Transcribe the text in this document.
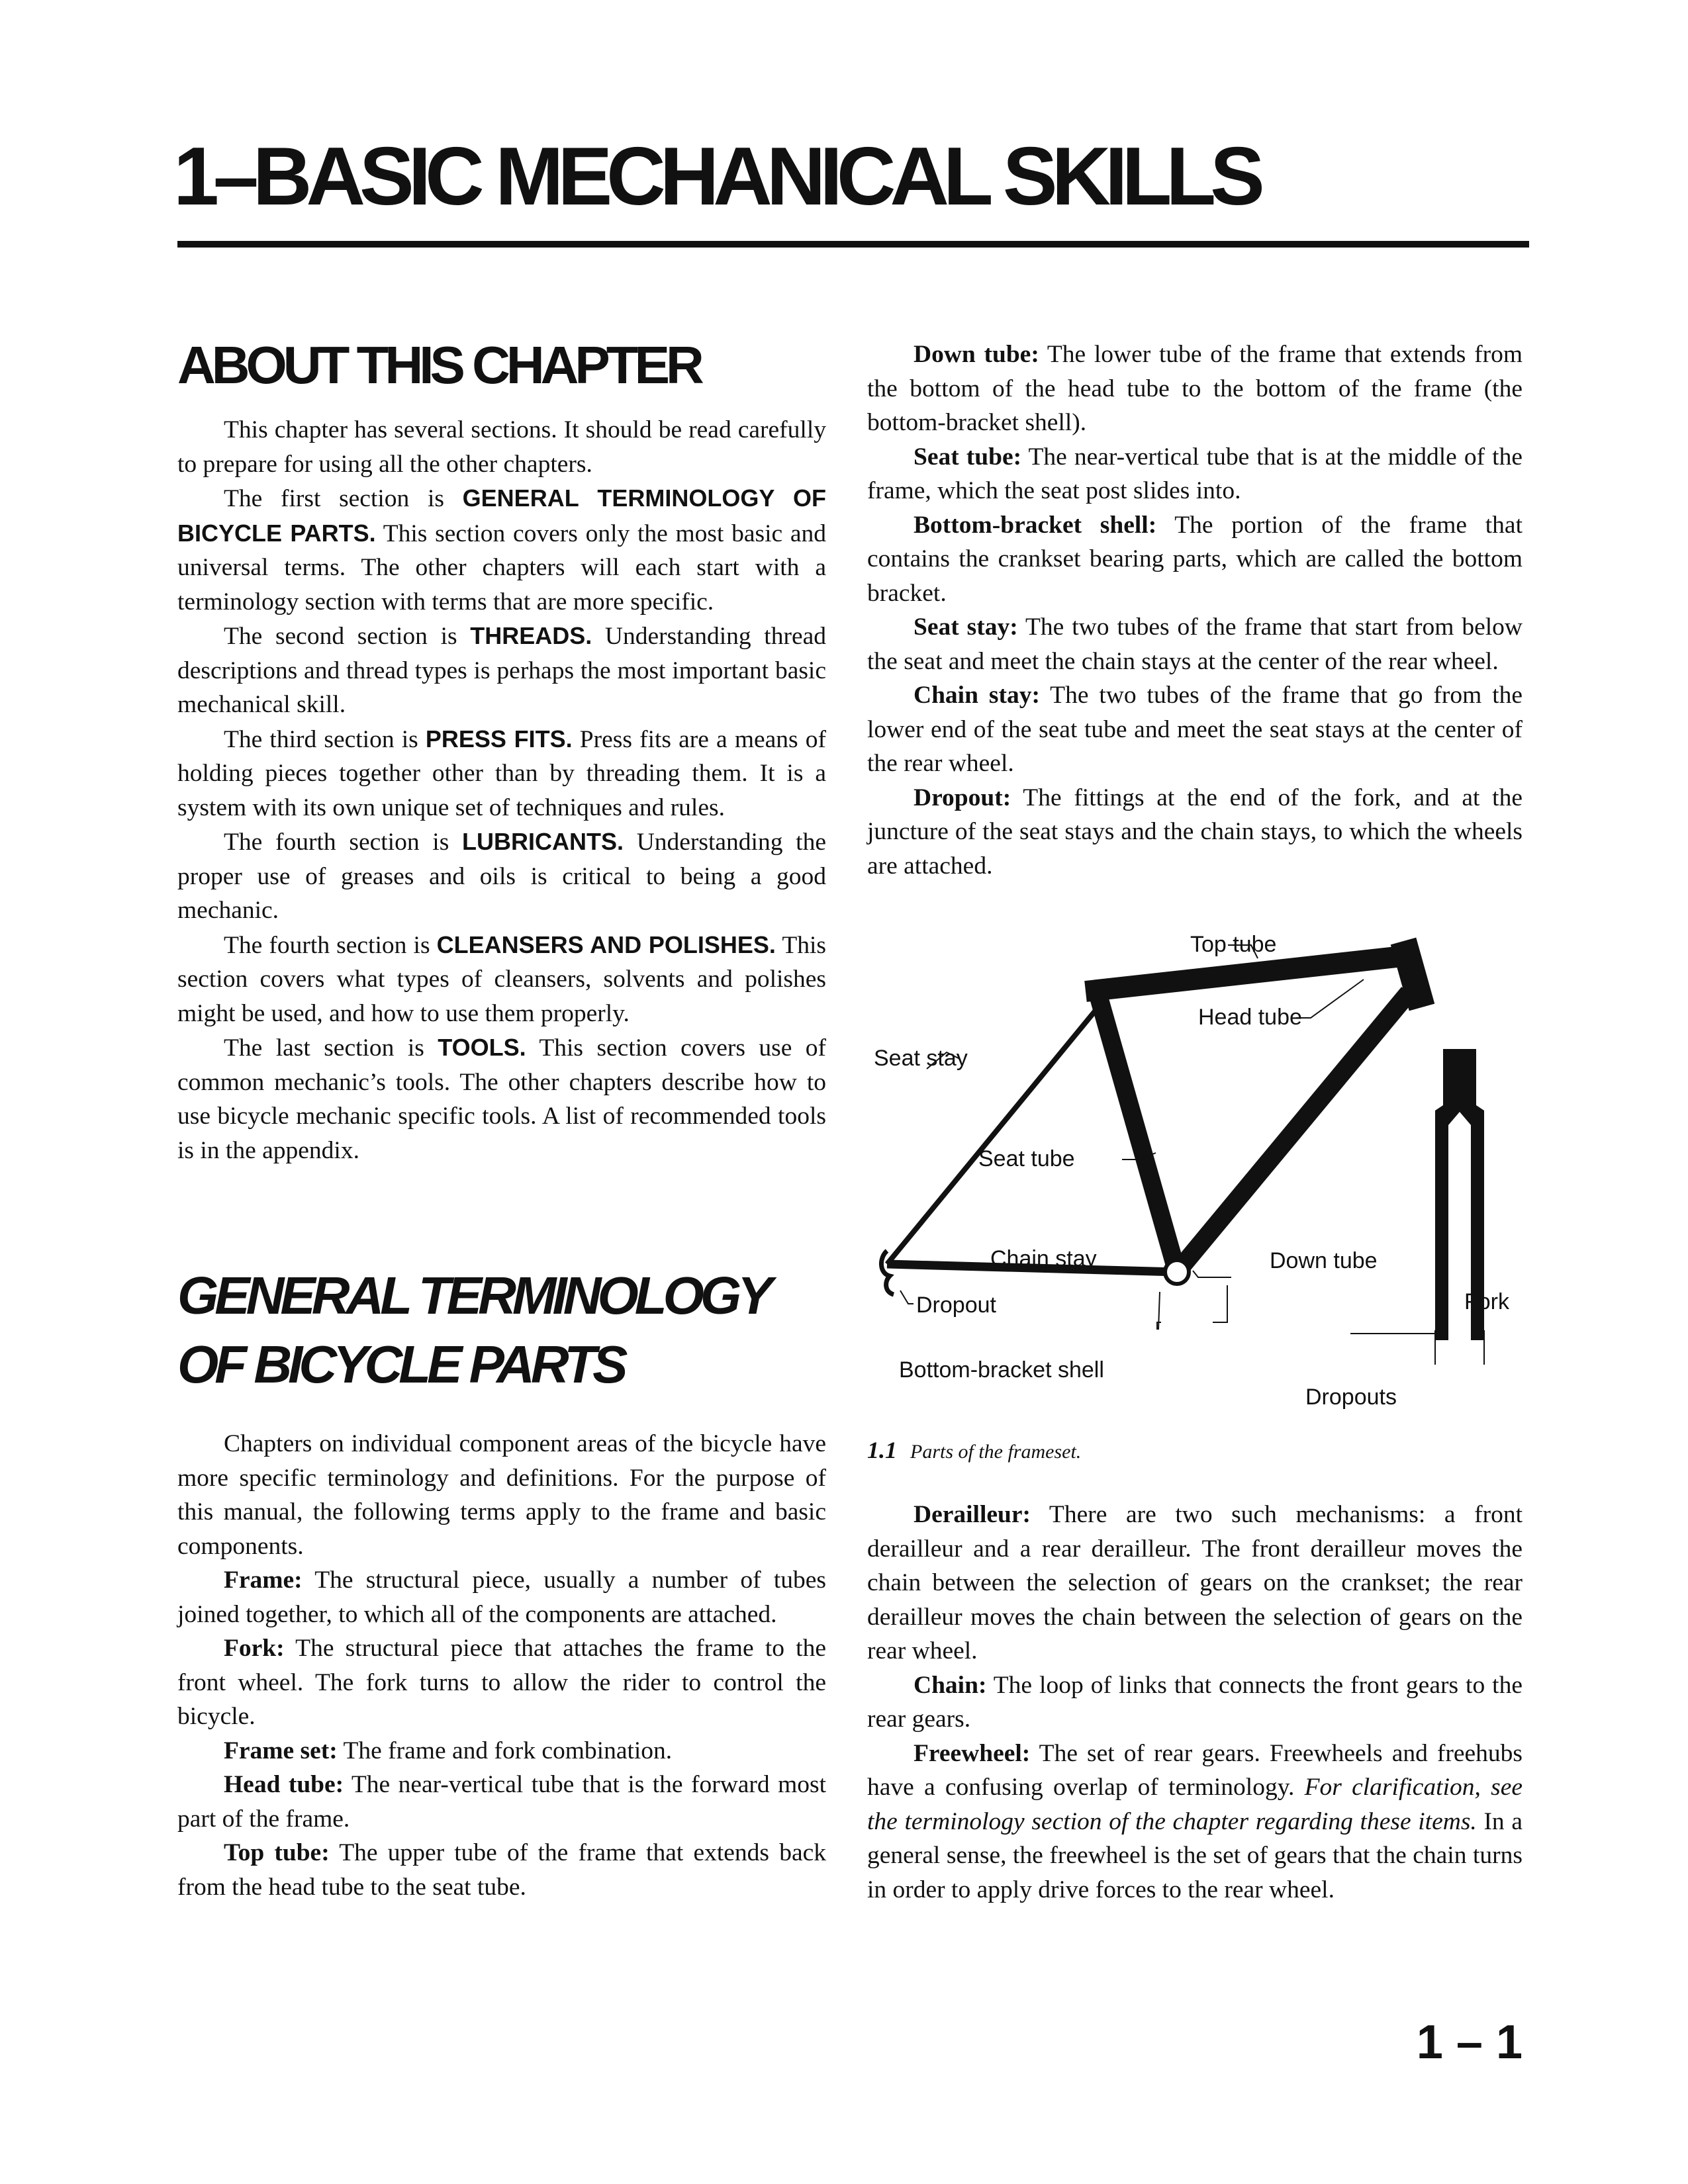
1–BASIC MECHANICAL SKILLS
ABOUT THIS CHAPTER

This chapter has several sections. It should be read carefully to prepare for using all the other chapters.

The first section is GENERAL TERMINOLOGY OF BICYCLE PARTS. This section covers only the most basic and universal terms. The other chapters will each start with a terminology section with terms that are more specific.

The second section is THREADS. Understanding thread descriptions and thread types is perhaps the most important basic mechanical skill.

The third section is PRESS FITS. Press fits are a means of holding pieces together other than by threading them. It is a system with its own unique set of techniques and rules.

The fourth section is LUBRICANTS. Understanding the proper use of greases and oils is critical to being a good mechanic.

The fourth section is CLEANSERS AND POLISHES. This section covers what types of cleansers, solvents and polishes might be used, and how to use them properly.

The last section is TOOLS. This section covers use of common mechanic’s tools. The other chapters describe how to use bicycle mechanic specific tools. A list of recommended tools is in the appendix.

GENERAL TERMINOLOGY
OF BICYCLE PARTS

Chapters on individual component areas of the bicycle have more specific terminology and definitions. For the purpose of this manual, the following terms apply to the frame and basic components.

Frame: The structural piece, usually a number of tubes joined together, to which all of the components are attached.

Fork: The structural piece that attaches the frame to the front wheel. The fork turns to allow the rider to control the bicycle.

Frame set: The frame and fork combination.

Head tube: The near-vertical tube that is the forward most part of the frame.

Top tube: The upper tube of the frame that extends back from the head tube to the seat tube.

Down tube: The lower tube of the frame that extends from the bottom of the head tube to the bottom of the frame (the bottom-bracket shell).

Seat tube: The near-vertical tube that is at the middle of the frame, which the seat post slides into.

Bottom-bracket shell: The portion of the frame that contains the crankset bearing parts, which are called the bottom bracket.

Seat stay: The two tubes of the frame that start from below the seat and meet the chain stays at the center of the rear wheel.

Chain stay: The two tubes of the frame that go from the lower end of the seat tube and meet the seat stays at the center of the rear wheel.

Dropout: The fittings at the end of the fork, and at the juncture of the seat stays and the chain stays, to which the wheels are attached.

Top tube
Seat stay
Head tube
Seat tube
Chain stay	Down tube
Fork
Dropout
Bottom-bracket shell
Dropouts
1.1 Parts of the frameset.

Derailleur: There are two such mechanisms: a front derailleur and a rear derailleur. The front derailleur moves the chain between the selection of gears on the crankset; the rear derailleur moves the chain between the selection of gears on the rear wheel.

Chain: The loop of links that connects the front gears to the rear gears.

Freewheel: The set of rear gears. Freewheels and freehubs have a confusing overlap of terminology. For clarification, see the terminology section of the chapter regarding these items. In a general sense, the freewheel is the set of gears that the chain turns in order to apply drive forces to the rear wheel.

1 – 1
